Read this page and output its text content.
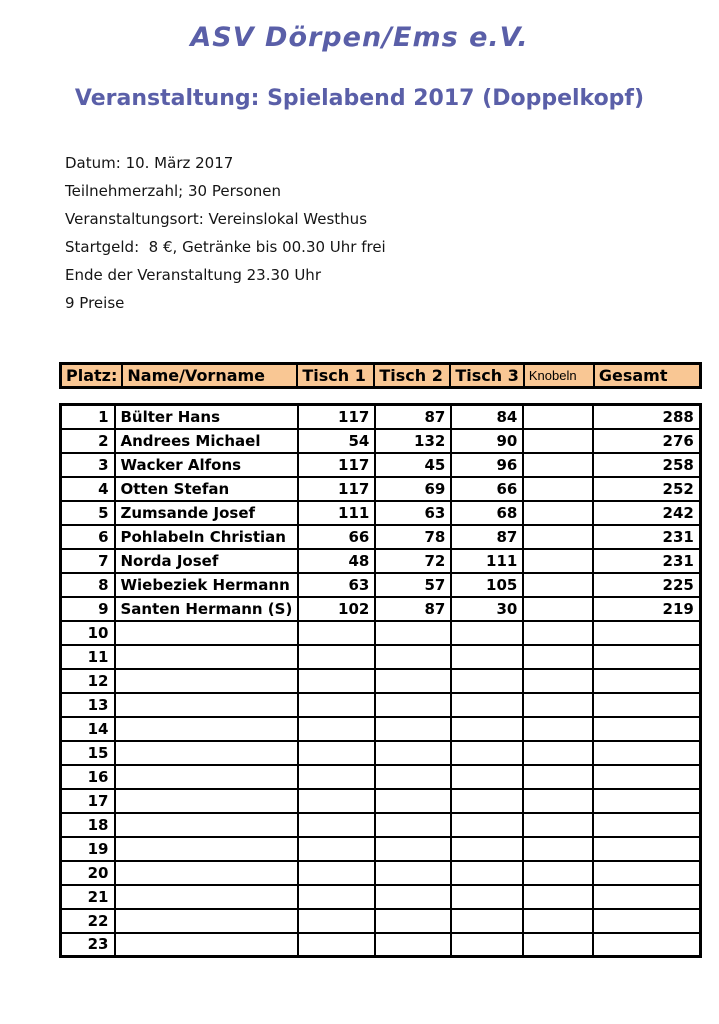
ASV Dörpen/Ems e.V.
Veranstaltung: Spielabend 2017 (Doppelkopf)
Datum: 10. März 2017
Teilnehmerzahl; 30 Personen
Veranstaltungsort: Vereinslokal Westhus
Startgeld:  8 €, Getränke bis 00.30 Uhr frei
Ende der Veranstaltung 23.30 Uhr
9 Preise
Platz:	Name/Vorname	Tisch 1	Tisch 2	Tisch 3	Knobeln	Gesamt
1	Bülter Hans	117	87	84		288
2	Andrees Michael	54	132	90		276
3	Wacker Alfons	117	45	96		258
4	Otten Stefan	117	69	66		252
5	Zumsande Josef	111	63	68		242
6	Pohlabeln Christian	66	78	87		231
7	Norda Josef	48	72	111		231
8	Wiebeziek Hermann	63	57	105		225
9	Santen Hermann (S)	102	87	30		219
10						
11						
12						
13						
14						
15						
16						
17						
18						
19						
20						
21						
22						
23						
